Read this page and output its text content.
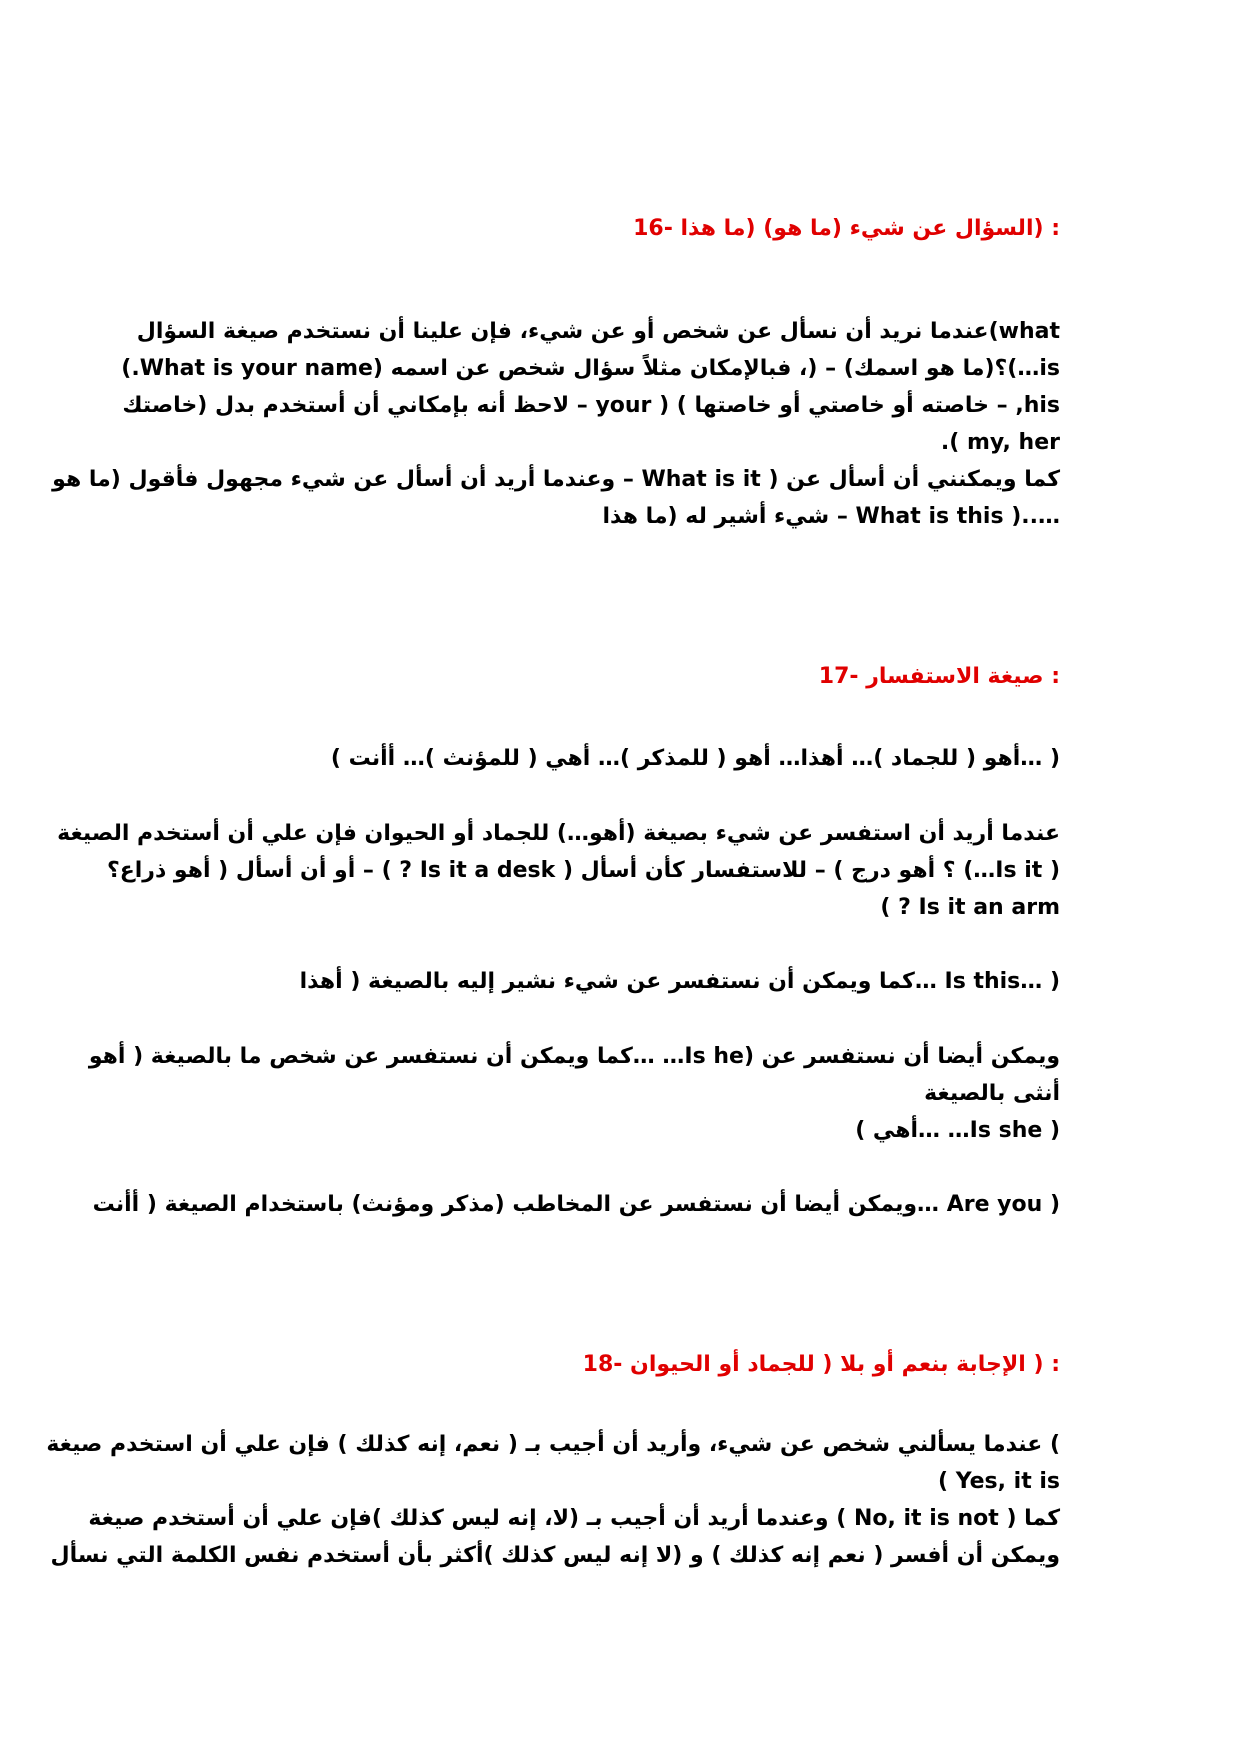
: (السؤال عن شيء (ما هو) (ما هذا -16
what)عندما نريد أن نسأل عن شخص أو عن شيء، فإن علينا أن نستخدم صيغة السؤال
is…)؟(ما هو اسمك) – (، فبالإمكان مثلاً سؤال شخص عن اسمه (What is your name.)
his, – خاصته أو خاصتي أو خاصتها ) ( your – لاحظ أنه بإمكاني أن أستخدم بدل (خاصتك
my, her ).
كما ويمكنني أن أسأل عن ( What is it – وعندما أريد أن أسأل عن شيء مجهول فأقول (ما هو
…..( What is this – شيء أشير له (ما هذا
: صيغة الاستفسار -17
( …أهو ( للجماد )… أهذا… أهو ( للمذكر )… أهي ( للمؤنث )… أأنت )
عندما أريد أن استفسر عن شيء بصيغة (أهو…) للجماد أو الحيوان فإن علي أن أستخدم الصيغة
( Is it…) ؟ أهو درج ) – للاستفسار كأن أسأل ( Is it a desk ? ) – أو أن أسأل ( أهو ذراع؟
Is it an arm ? )
( …Is this …كما ويمكن أن نستفسر عن شيء نشير إليه بالصيغة ( أهذا
ويمكن أيضا أن نستفسر عن (Is he… …كما ويمكن أن نستفسر عن شخص ما بالصيغة ( أهو
أنثى بالصيغة
( Is she… …أهي )
( Are you …ويمكن أيضا أن نستفسر عن المخاطب (مذكر ومؤنث) باستخدام الصيغة ( أأنت
: ( الإجابة بنعم أو بلا ( للجماد أو الحيوان -18
) عندما يسألني شخص عن شيء، وأريد أن أجيب بـ ( نعم، إنه كذلك ) فإن علي أن استخدم صيغة
Yes, it is )
كما ( No, it is not ) وعندما أريد أن أجيب بـ (لا، إنه ليس كذلك )فإن علي أن أستخدم صيغة
ويمكن أن أفسر ( نعم إنه كذلك ) و (لا إنه ليس كذلك )أكثر بأن أستخدم نفس الكلمة التي نسأل
